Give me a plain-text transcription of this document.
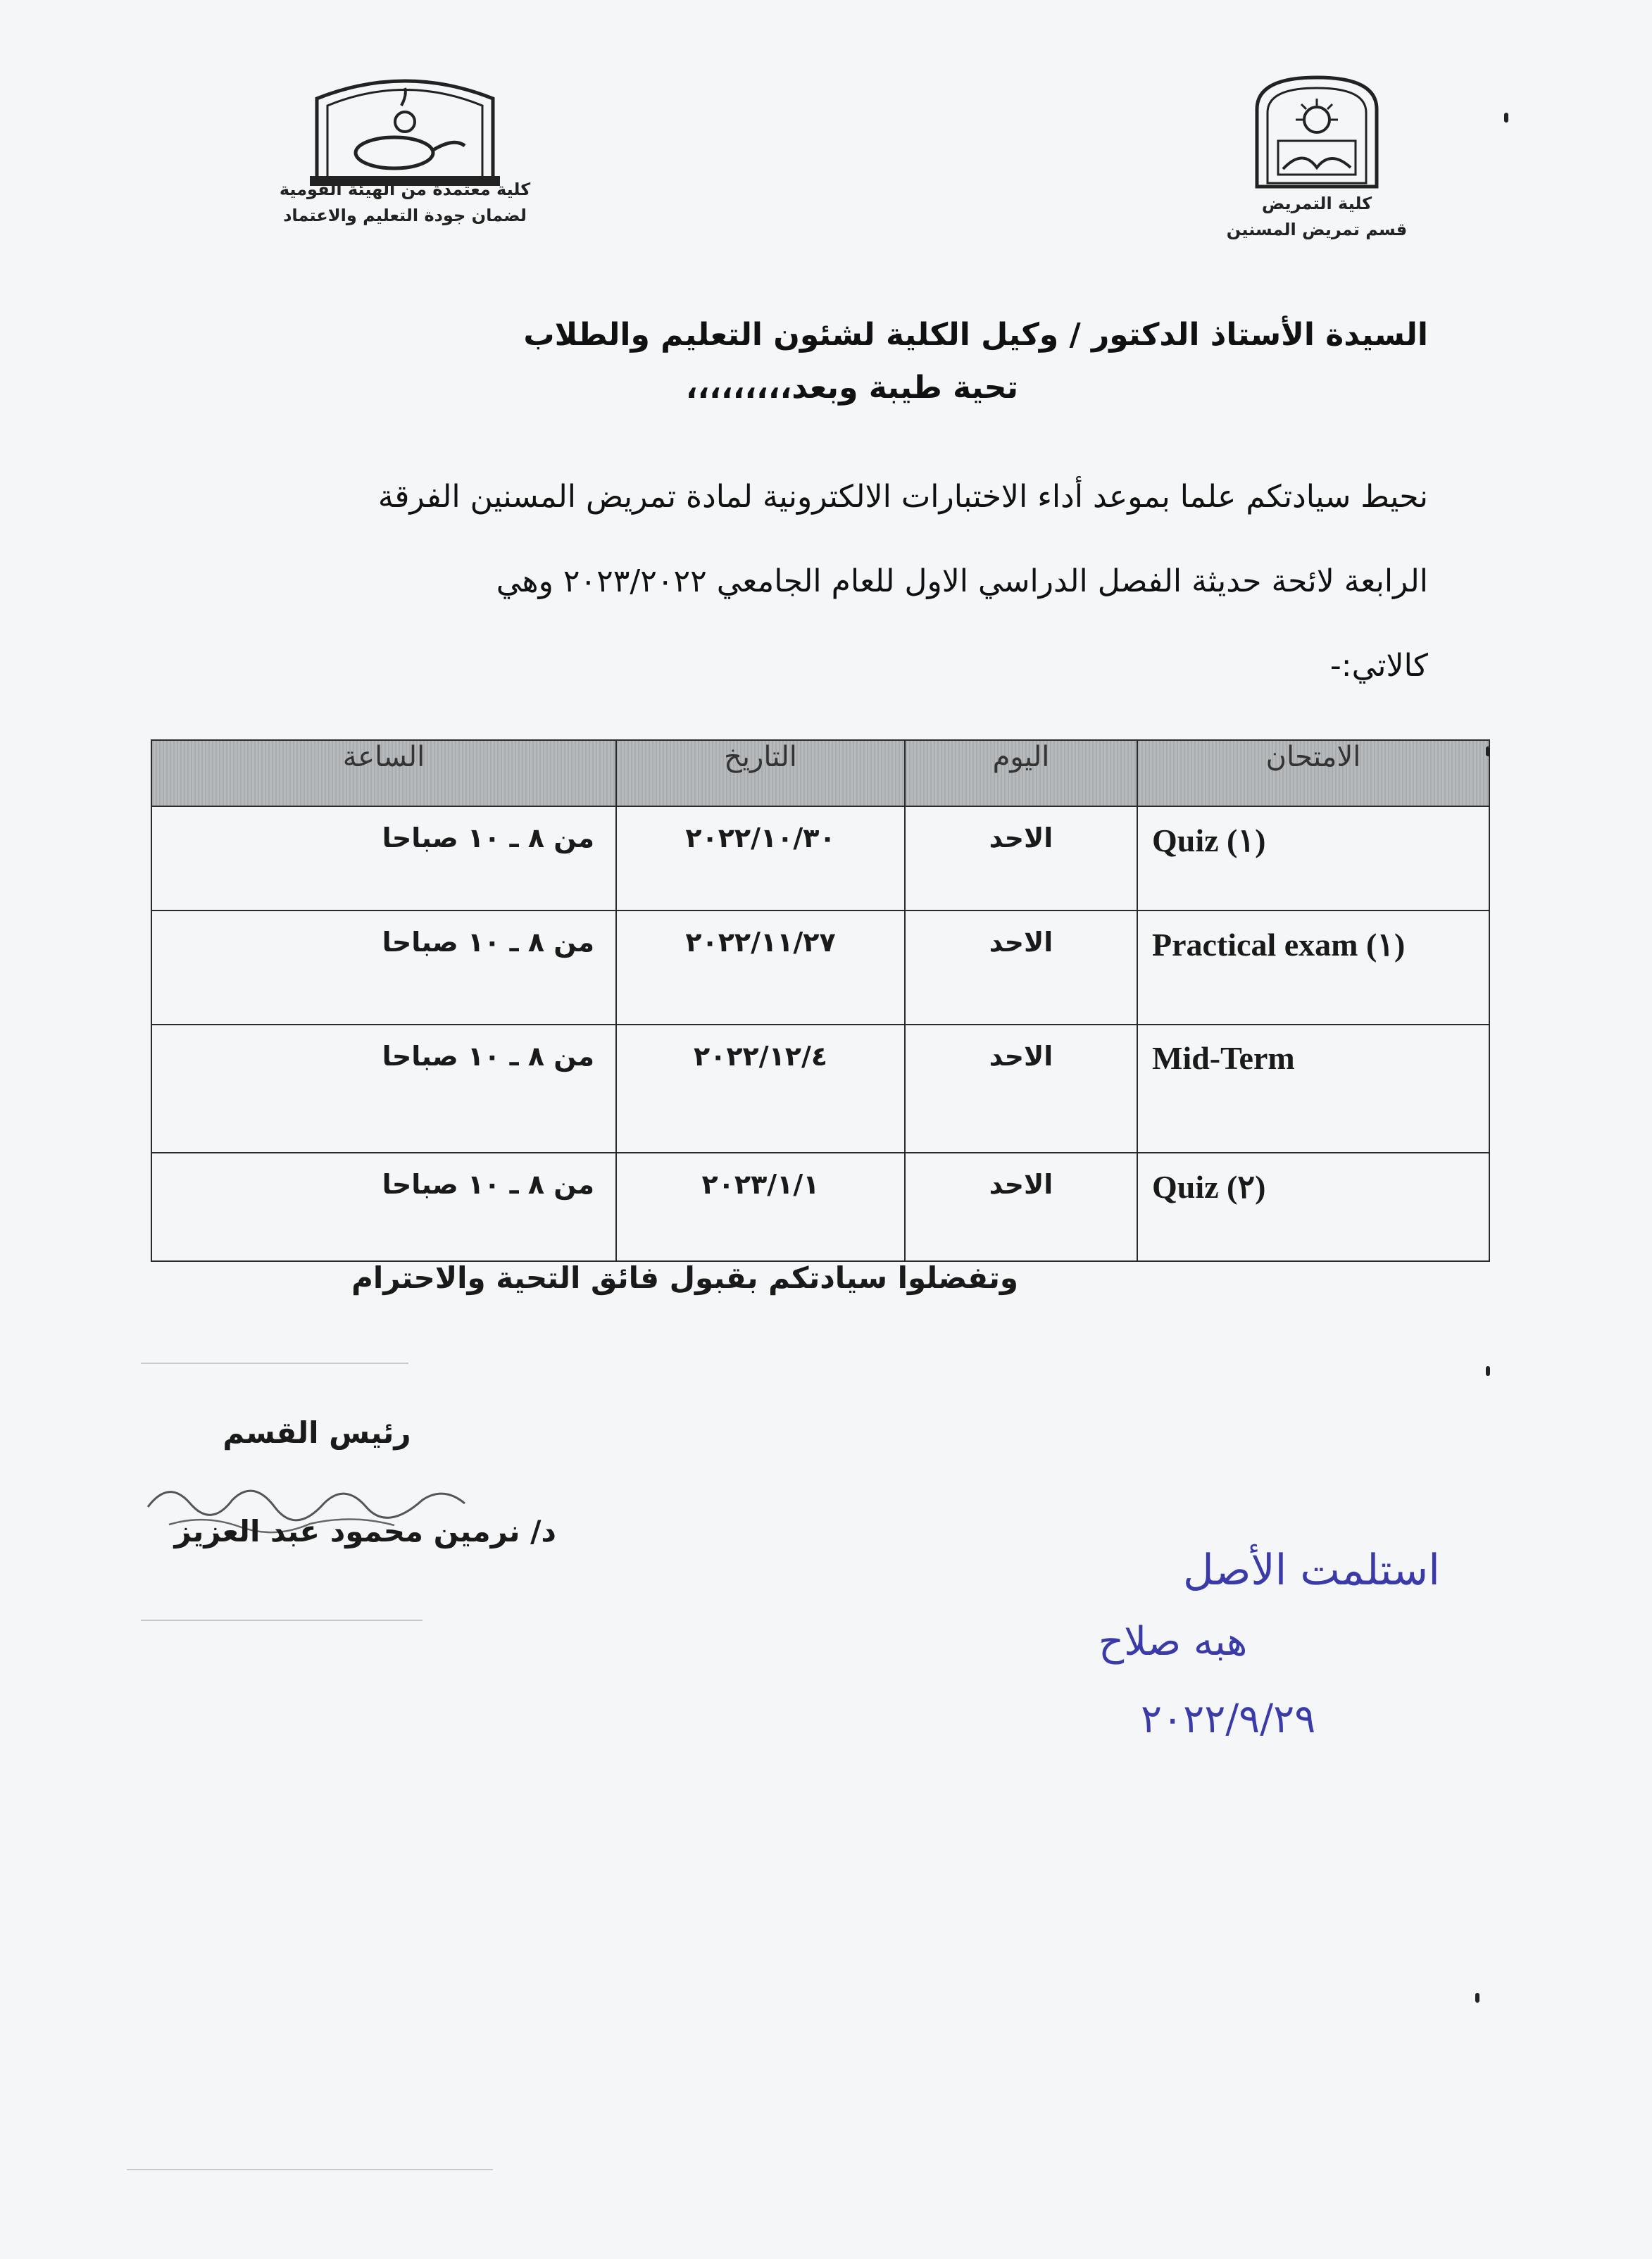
كلية معتمدة من الهيئة القومية
لضمان جودة التعليم والاعتماد
كلية التمريض
قسم تمريض المسنين
السيدة الأستاذ الدكتور / وكيل الكلية لشئون التعليم والطلاب
تحية طيبة وبعد،،،،،،،،،
نحيط سيادتكم علما بموعد أداء الاختبارات الالكترونية لمادة تمريض المسنين الفرقة
الرابعة لائحة حديثة الفصل الدراسي الاول للعام الجامعي ٢٠٢٣/٢٠٢٢ وهي
كالاتي:-
الساعة	التاريخ	اليوم	الامتحان
من ٨ ـ ١٠ صباحا	٢٠٢٢/١٠/٣٠	الاحد	Quiz (١)
من ٨ ـ ١٠ صباحا	٢٠٢٢/١١/٢٧	الاحد	Practical exam (١)
من ٨ ـ ١٠ صباحا	٢٠٢٢/١٢/٤	الاحد	Mid-Term
من ٨ ـ ١٠ صباحا	٢٠٢٣/١/١	الاحد	Quiz (٢)
وتفضلوا سيادتكم بقبول فائق التحية والاحترام
رئيس القسم
د/ نرمين محمود عبد العزيز
استلمت الأصل
هبه صلاح
٢٠٢٢/٩/٢٩
